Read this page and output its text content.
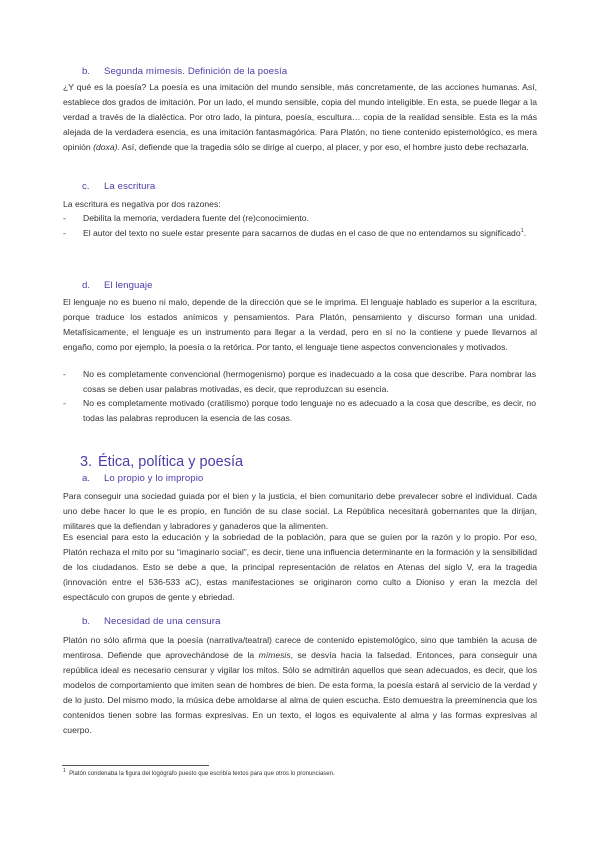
b. Segunda mímesis. Definición de la poesía
¿Y qué es la poesía? La poesía es una imitación del mundo sensible, más concretamente, de las acciones humanas. Así, establece dos grados de imitación. Por un lado, el mundo sensible, copia del mundo inteligible. En esta, se puede llegar a la verdad a través de la dialéctica. Por otro lado, la pintura, poesía, escultura… copia de la realidad sensible. Esta es la más alejada de la verdadera esencia, es una imitación fantasmagórica. Para Platón, no tiene contenido epistemológico, es mera opinión (doxa). Así, defiende que la tragedia sólo se dirige al cuerpo, al placer, y por eso, el hombre justo debe rechazarla.
c. La escritura
La escritura es negativa por dos razones:
- Debilita la memoria, verdadera fuente del (re)conocimiento.
- El autor del texto no suele estar presente para sacarnos de dudas en el caso de que no entendamos su significado$^1$.
d. El lenguaje
El lenguaje no es bueno ni malo, depende de la dirección que se le imprima. El lenguaje hablado es superior a la escritura, porque traduce los estados anímicos y pensamientos. Para Platón, pensamiento y discurso forman una unidad. Metafísicamente, el lenguaje es un instrumento para llegar a la verdad, pero en sí no la contiene y puede llevarnos al engaño, como por ejemplo, la poesía o la retórica. Por tanto, el lenguaje tiene aspectos convencionales y motivados.
- No es completamente convencional (hermogenismo) porque es inadecuado a la cosa que describe. Para nombrar las cosas se deben usar palabras motivadas, es decir, que reproduzcan su esencia.
- No es completamente motivado (cratilismo) porque todo lenguaje no es adecuado a la cosa que describe, es decir, no todas las palabras reproducen la esencia de las cosas.
3. Ética, política y poesía
a. Lo propio y lo impropio
Para conseguir una sociedad guiada por el bien y la justicia, el bien comunitario debe prevalecer sobre el individual. Cada uno debe hacer lo que le es propio, en función de su clase social. La República necesitará gobernantes que la dirijan, militares que la defiendan y labradores y ganaderos que la alimenten.
Es esencial para esto la educación y la sobriedad de la población, para que se guíen por la razón y lo propio. Por eso, Platón rechaza el mito por su “imaginario social”, es decir, tiene una influencia determinante en la formación y la sensibilidad de los ciudadanos. Esto se debe a que, la principal representación de relatos en Atenas del siglo V, era la tragedia (innovación entre el 536-533 aC), estas manifestaciones se originaron como culto a Dioniso y eran la mezcla del espectáculo con grupos de gente y ebriedad.
b. Necesidad de una censura
Platón no sólo afirma que la poesía (narrativa/teatral) carece de contenido epistemológico, sino que también la acusa de mentirosa. Defiende que aprovechándose de la mímesis, se desvía hacia la falsedad. Entonces, para conseguir una república ideal es necesario censurar y vigilar los mitos. Sólo se admitirán aquellos que sean adecuados, es decir, que los modelos de comportamiento que imiten sean de hombres de bien. De esta forma, la poesía estará al servicio de la verdad y de lo justo. Del mismo modo, la música debe amoldarse al alma de quien escucha. Esto demuestra la preeminencia que los contenidos tienen sobre las formas expresivas. En un texto, el logos es equivalente al alma y las formas expresivas al cuerpo.
$^1$ Platón condenaba la figura del logógrafo puesto que escribía textos para que otros lo pronunciasen.
